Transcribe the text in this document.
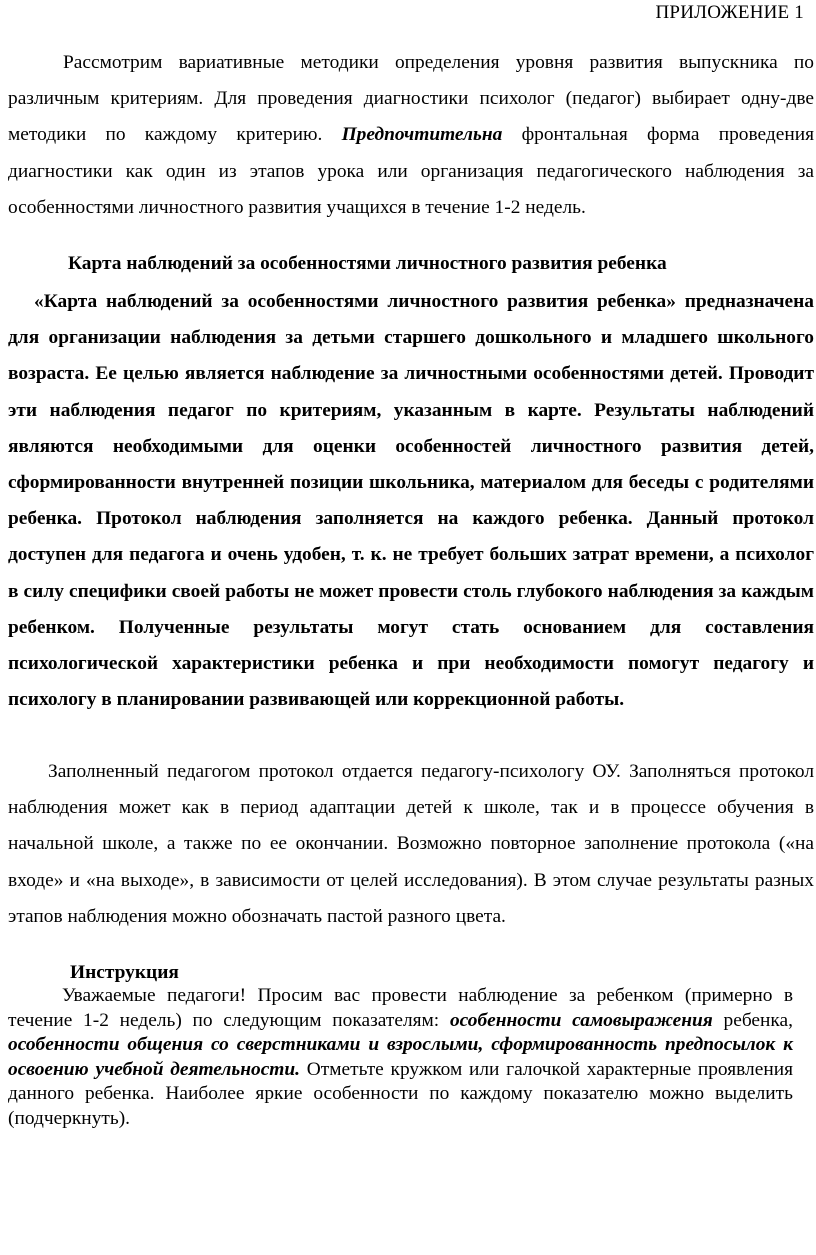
ПРИЛОЖЕНИЕ 1

Рассмотрим вариативные методики определения уровня развития выпускника по различным критериям. Для проведения диагностики психолог (педагог) выбирает одну-две методики по каждому критерию. Предпочтительна фронтальная форма проведения диагностики как один из этапов урока или организация педагогического наблюдения за особенностями личностного развития учащихся в течение 1-2 недель.

Карта наблюдений за особенностями личностного развития ребенка

«Карта наблюдений за особенностями личностного развития ребенка» предназначена для организации наблюдения за детьми старшего дошкольного и младшего школьного возраста. Ее целью является наблюдение за личностными особенностями детей. Проводит эти наблюдения педагог по критериям, указанным в карте. Результаты наблюдений являются необходимыми для оценки особенностей личностного развития детей, сформированности внутренней позиции школьника, материалом для беседы с родителями ребенка. Протокол наблюдения заполняется на каждого ребенка. Данный протокол доступен для педагога и очень удобен, т. к. не требует больших затрат времени, а психолог в силу специфики своей работы не может провести столь глубокого наблюдения за каждым ребенком. Полученные результаты могут стать основанием для составления психологической характеристики ребенка и при необходимости помогут педагогу и психологу в планировании развивающей или коррекционной работы.

Заполненный педагогом протокол отдается педагогу-психологу ОУ. Заполняться протокол наблюдения может как в период адаптации детей к школе, так и в процессе обучения в начальной школе, а также по ее окончании. Возможно повторное заполнение протокола («на входе» и «на выходе», в зависимости от целей исследования). В этом случае результаты разных этапов наблюдения можно обозначать пастой разного цвета.

Инструкция

Уважаемые педагоги! Просим вас провести наблюдение за ребенком (примерно в течение 1-2 недель) по следующим показателям: особенности самовыражения ребенка, особенности общения со сверстниками и взрослыми, сформированность предпосылок к освоению учебной деятельности. Отметьте кружком или галочкой характерные проявления данного ребенка. Наиболее яркие особенности по каждому показателю можно выделить (подчеркнуть).
